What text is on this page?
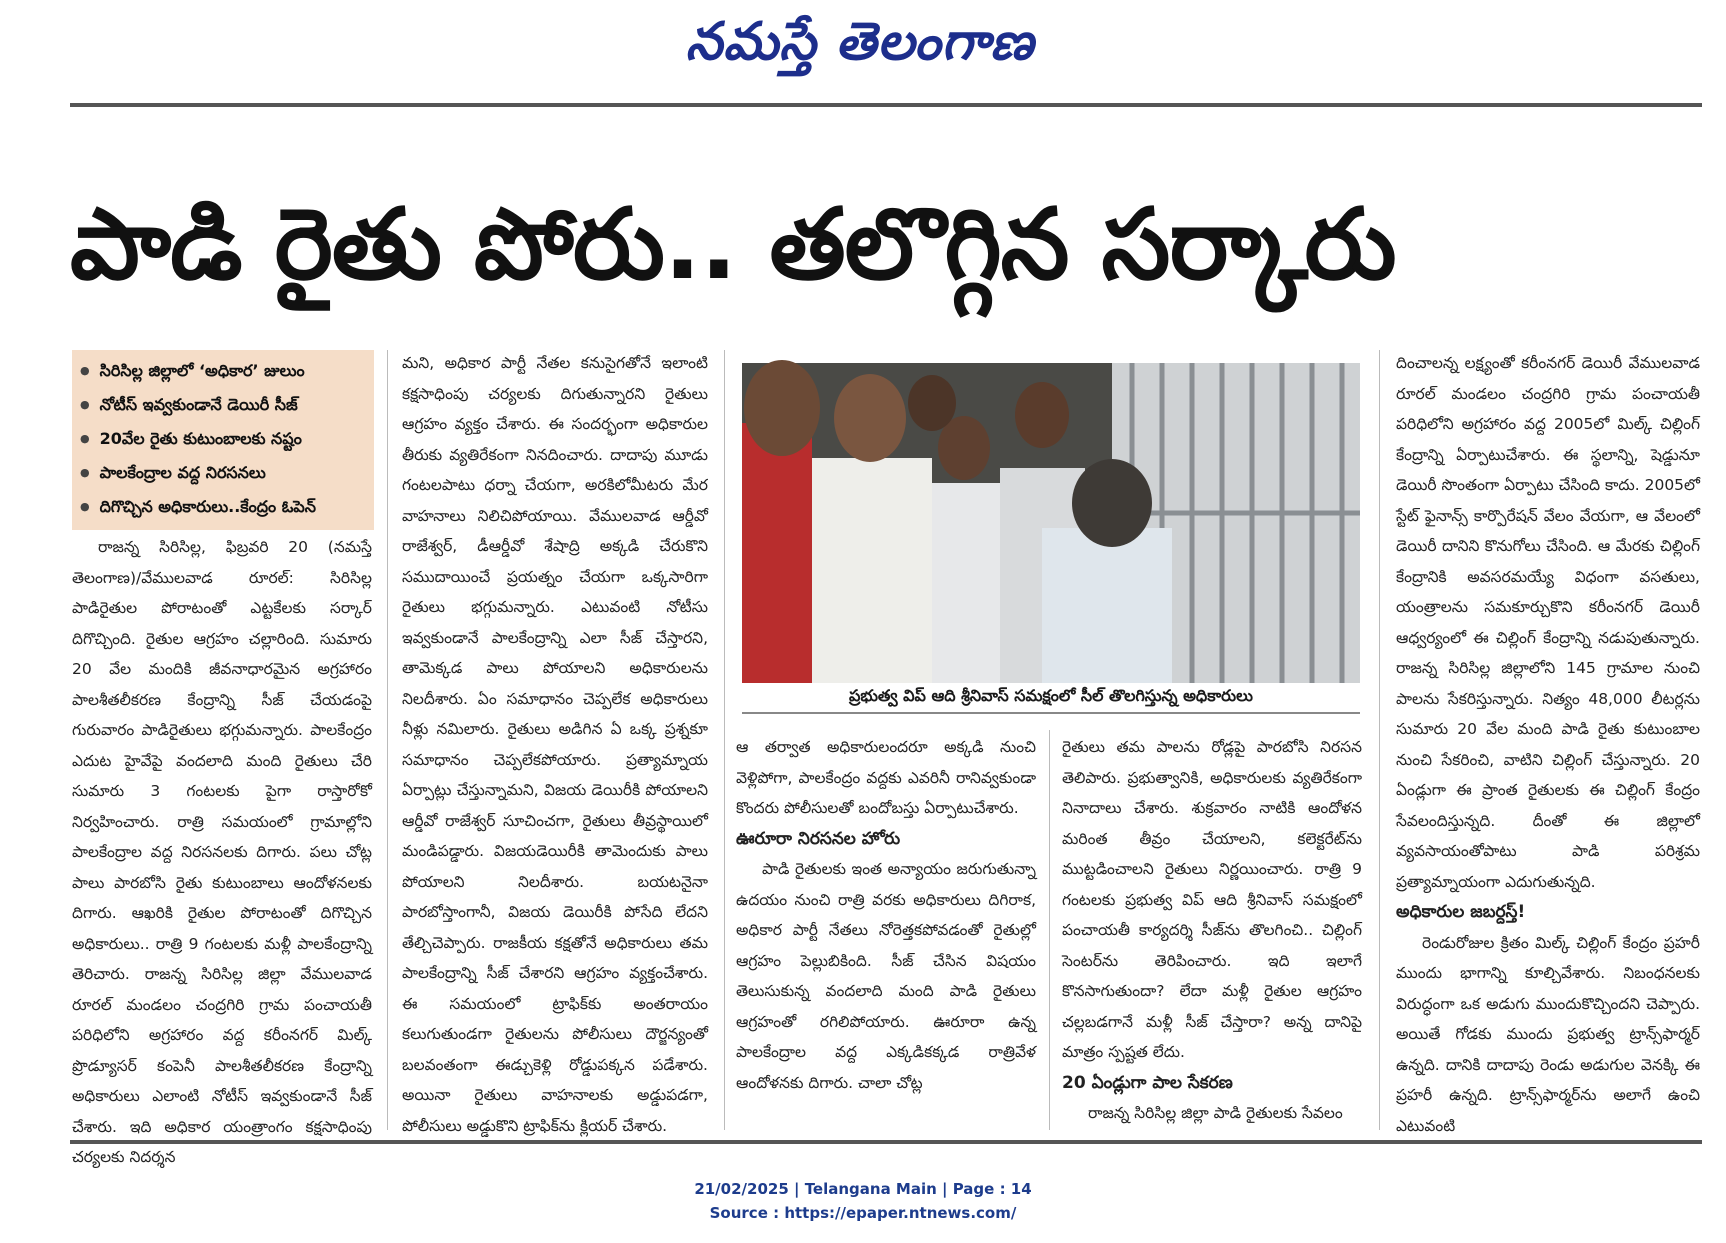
నమస్తే తెలంగాణ
పాడి రైతు పోరు.. తలొగ్గిన సర్కారు
● సిరిసిల్ల జిల్లాలో ‘అధికార’ జులుం
● నోటీస్ ఇవ్వకుండానే డెయిరీ సీజ్
● 20వేల రైతు కుటుంబాలకు నష్టం
● పాలకేంద్రాల వద్ద నిరసనలు
● దిగొచ్చిన అధికారులు..కేంద్రం ఓపెన్

రాజన్న సిరిసిల్ల, ఫిబ్రవరి 20 (నమస్తే తెలంగాణ)/వేములవాడ రూరల్: సిరిసిల్ల పాడిరైతుల పోరాటంతో ఎట్టకేలకు సర్కార్ దిగొచ్చింది. రైతుల ఆగ్రహం చల్లారింది. సుమారు 20 వేల మందికి జీవనాధారమైన అగ్రహారం పాలశీతలీకరణ కేంద్రాన్ని సీజ్ చేయడంపై గురువారం పాడిరైతులు భగ్గుమన్నారు. పాలకేంద్రం ఎదుట హైవేపై వందలాది మంది రైతులు చేరి సుమారు 3 గంటలకు పైగా రాస్తారోకో నిర్వహించారు. రాత్రి సమయంలో గ్రామాల్లోని పాలకేంద్రాల వద్ద నిరసనలకు దిగారు. పలు చోట్ల పాలు పారబోసి రైతు కుటుంబాలు ఆందోళనలకు దిగారు. ఆఖరికి రైతుల పోరాటంతో దిగొచ్చిన అధికారులు.. రాత్రి 9 గంటలకు మళ్లీ పాలకేంద్రాన్ని తెరిచారు. రాజన్న సిరిసిల్ల జిల్లా వేములవాడ రూరల్ మండలం చంద్రగిరి గ్రామ పంచాయతీ పరిధిలోని అగ్రహారం వద్ద కరీంనగర్ మిల్క్ ప్రొడ్యూసర్ కంపెనీ పాలశీతలీకరణ కేంద్రాన్ని అధికారులు ఎలాంటి నోటీస్ ఇవ్వకుండానే సీజ్ చేశారు. ఇది అధికార యంత్రాంగం కక్షసాధింపు చర్యలకు నిదర్శన

మని, అధికార పార్టీ నేతల కనుసైగతోనే ఇలాంటి కక్షసాధింపు చర్యలకు దిగుతున్నారని రైతులు ఆగ్రహం వ్యక్తం చేశారు. ఈ సందర్భంగా అధికారుల తీరుకు వ్యతిరేకంగా నినదించారు. దాదాపు మూడు గంటలపాటు ధర్నా చేయగా, అరకిలోమీటరు మేర వాహనాలు నిలిచిపోయాయి. వేములవాడ ఆర్డీవో రాజేశ్వర్, డీఆర్డీవో శేషాద్రి అక్కడి చేరుకొని సముదాయించే ప్రయత్నం చేయగా ఒక్కసారిగా రైతులు భగ్గుమన్నారు. ఎటువంటి నోటీసు ఇవ్వకుండానే పాలకేంద్రాన్ని ఎలా సీజ్ చేస్తారని, తామెక్కడ పాలు పోయాలని అధికారులను నిలదీశారు. ఏం సమాధానం చెప్పలేక అధికారులు నీళ్లు నమిలారు. రైతులు అడిగిన ఏ ఒక్క ప్రశ్నకూ సమాధానం చెప్పలేకపోయారు. ప్రత్యామ్నాయ ఏర్పాట్లు చేస్తున్నామని, విజయ డెయిరీకి పోయాలని ఆర్డీవో రాజేశ్వర్ సూచించగా, రైతులు తీవ్రస్థాయిలో మండిపడ్డారు. విజయడెయిరీకి తామెందుకు పాలు పోయాలని నిలదీశారు. బయటనైనా పారబోస్తాంగానీ, విజయ డెయిరీకి పోసేది లేదని తేల్చిచెప్పారు. రాజకీయ కక్షతోనే అధికారులు తమ పాలకేంద్రాన్ని సీజ్ చేశారని ఆగ్రహం వ్యక్తంచేశారు. ఈ సమయంలో ట్రాఫిక్‌కు అంతరాయం కలుగుతుండగా రైతులను పోలీసులు దౌర్జన్యంతో బలవంతంగా ఈడ్చుకెళ్లి రోడ్డుపక్కన పడేశారు. అయినా రైతులు వాహనాలకు అడ్డుపడగా, పోలీసులు అడ్డుకొని ట్రాఫిక్‌ను క్లియర్ చేశారు.

ప్రభుత్వ విప్ ఆది శ్రీనివాస్ సమక్షంలో సీల్ తొలగిస్తున్న అధికారులు

ఆ తర్వాత అధికారులందరూ అక్కడి నుంచి వెళ్లిపోగా, పాలకేంద్రం వద్దకు ఎవరినీ రానివ్వకుండా కొందరు పోలీసులతో బందోబస్తు ఏర్పాటుచేశారు.

ఊరూరా నిరసనల హోరు

పాడి రైతులకు ఇంత అన్యాయం జరుగుతున్నా ఉదయం నుంచి రాత్రి వరకు అధికారులు దిగిరాక, అధికార పార్టీ నేతలు నోరెత్తకపోవడంతో రైతుల్లో ఆగ్రహం పెల్లుబికింది. సీజ్ చేసిన విషయం తెలుసుకున్న వందలాది మంది పాడి రైతులు ఆగ్రహంతో రగిలిపోయారు. ఊరూరా ఉన్న పాలకేంద్రాల వద్ద ఎక్కడికక్కడ రాత్రివేళ ఆందోళనకు దిగారు. చాలా చోట్ల

రైతులు తమ పాలను రోడ్లపై పారబోసి నిరసన తెలిపారు. ప్రభుత్వానికి, అధికారులకు వ్యతిరేకంగా నినాదాలు చేశారు. శుక్రవారం నాటికి ఆందోళన మరింత తీవ్రం చేయాలని, కలెక్టరేట్‌ను ముట్టడించాలని రైతులు నిర్ణయించారు. రాత్రి 9 గంటలకు ప్రభుత్వ విప్ ఆది శ్రీనివాస్ సమక్షంలో పంచాయతీ కార్యదర్శి సీజ్‌ను తొలగించి.. చిల్లింగ్ సెంటర్‌ను తెరిపించారు. ఇది ఇలాగే కొనసాగుతుందా? లేదా మళ్లీ రైతుల ఆగ్రహం చల్లబడగానే మళ్లీ సీజ్ చేస్తారా? అన్న దానిపై మాత్రం స్పష్టత లేదు.

20 ఏండ్లుగా పాల సేకరణ

రాజన్న సిరిసిల్ల జిల్లా పాడి రైతులకు సేవలం

దించాలన్న లక్ష్యంతో కరీంనగర్ డెయిరీ వేములవాడ రూరల్ మండలం చంద్రగిరి గ్రామ పంచాయతీ పరిధిలోని అగ్రహారం వద్ద 2005లో మిల్క్ చిల్లింగ్ కేంద్రాన్ని ఏర్పాటుచేశారు. ఈ స్థలాన్ని, షెడ్డునూ డెయిరీ సొంతంగా ఏర్పాటు చేసింది కాదు. 2005లో స్టేట్ ఫైనాన్స్ కార్పొరేషన్ వేలం వేయగా, ఆ వేలంలో డెయిరీ దానిని కొనుగోలు చేసింది. ఆ మేరకు చిల్లింగ్ కేంద్రానికి అవసరమయ్యే విధంగా వసతులు, యంత్రాలను సమకూర్చుకొని కరీంనగర్ డెయిరీ ఆధ్వర్యంలో ఈ చిల్లింగ్ కేంద్రాన్ని నడుపుతున్నారు. రాజన్న సిరిసిల్ల జిల్లాలోని 145 గ్రామాల నుంచి పాలను సేకరిస్తున్నారు. నిత్యం 48,000 లీటర్లను సుమారు 20 వేల మంది పాడి రైతు కుటుంబాల నుంచి సేకరించి, వాటిని చిల్లింగ్ చేస్తున్నారు. 20 ఏండ్లుగా ఈ ప్రాంత రైతులకు ఈ చిల్లింగ్ కేంద్రం సేవలందిస్తున్నది. దీంతో ఈ జిల్లాలో వ్యవసాయంతోపాటు పాడి పరిశ్రమ ప్రత్యామ్నాయంగా ఎదుగుతున్నది.

అధికారుల జబర్దస్త్!

రెండురోజుల క్రితం మిల్క్ చిల్లింగ్ కేంద్రం ప్రహరీ ముందు భాగాన్ని కూల్చివేశారు. నిబంధనలకు విరుద్ధంగా ఒక అడుగు ముందుకొచ్చిందని చెప్పారు. అయితే గోడకు ముందు ప్రభుత్వ ట్రాన్స్‌ఫార్మర్ ఉన్నది. దానికి దాదాపు రెండు అడుగుల వెనక్కి ఈ ప్రహరీ ఉన్నది. ట్రాన్స్‌ఫార్మర్‌ను అలాగే ఉంచి ఎటువంటి

21/02/2025 | Telangana Main | Page : 14
Source : https://epaper.ntnews.com/
